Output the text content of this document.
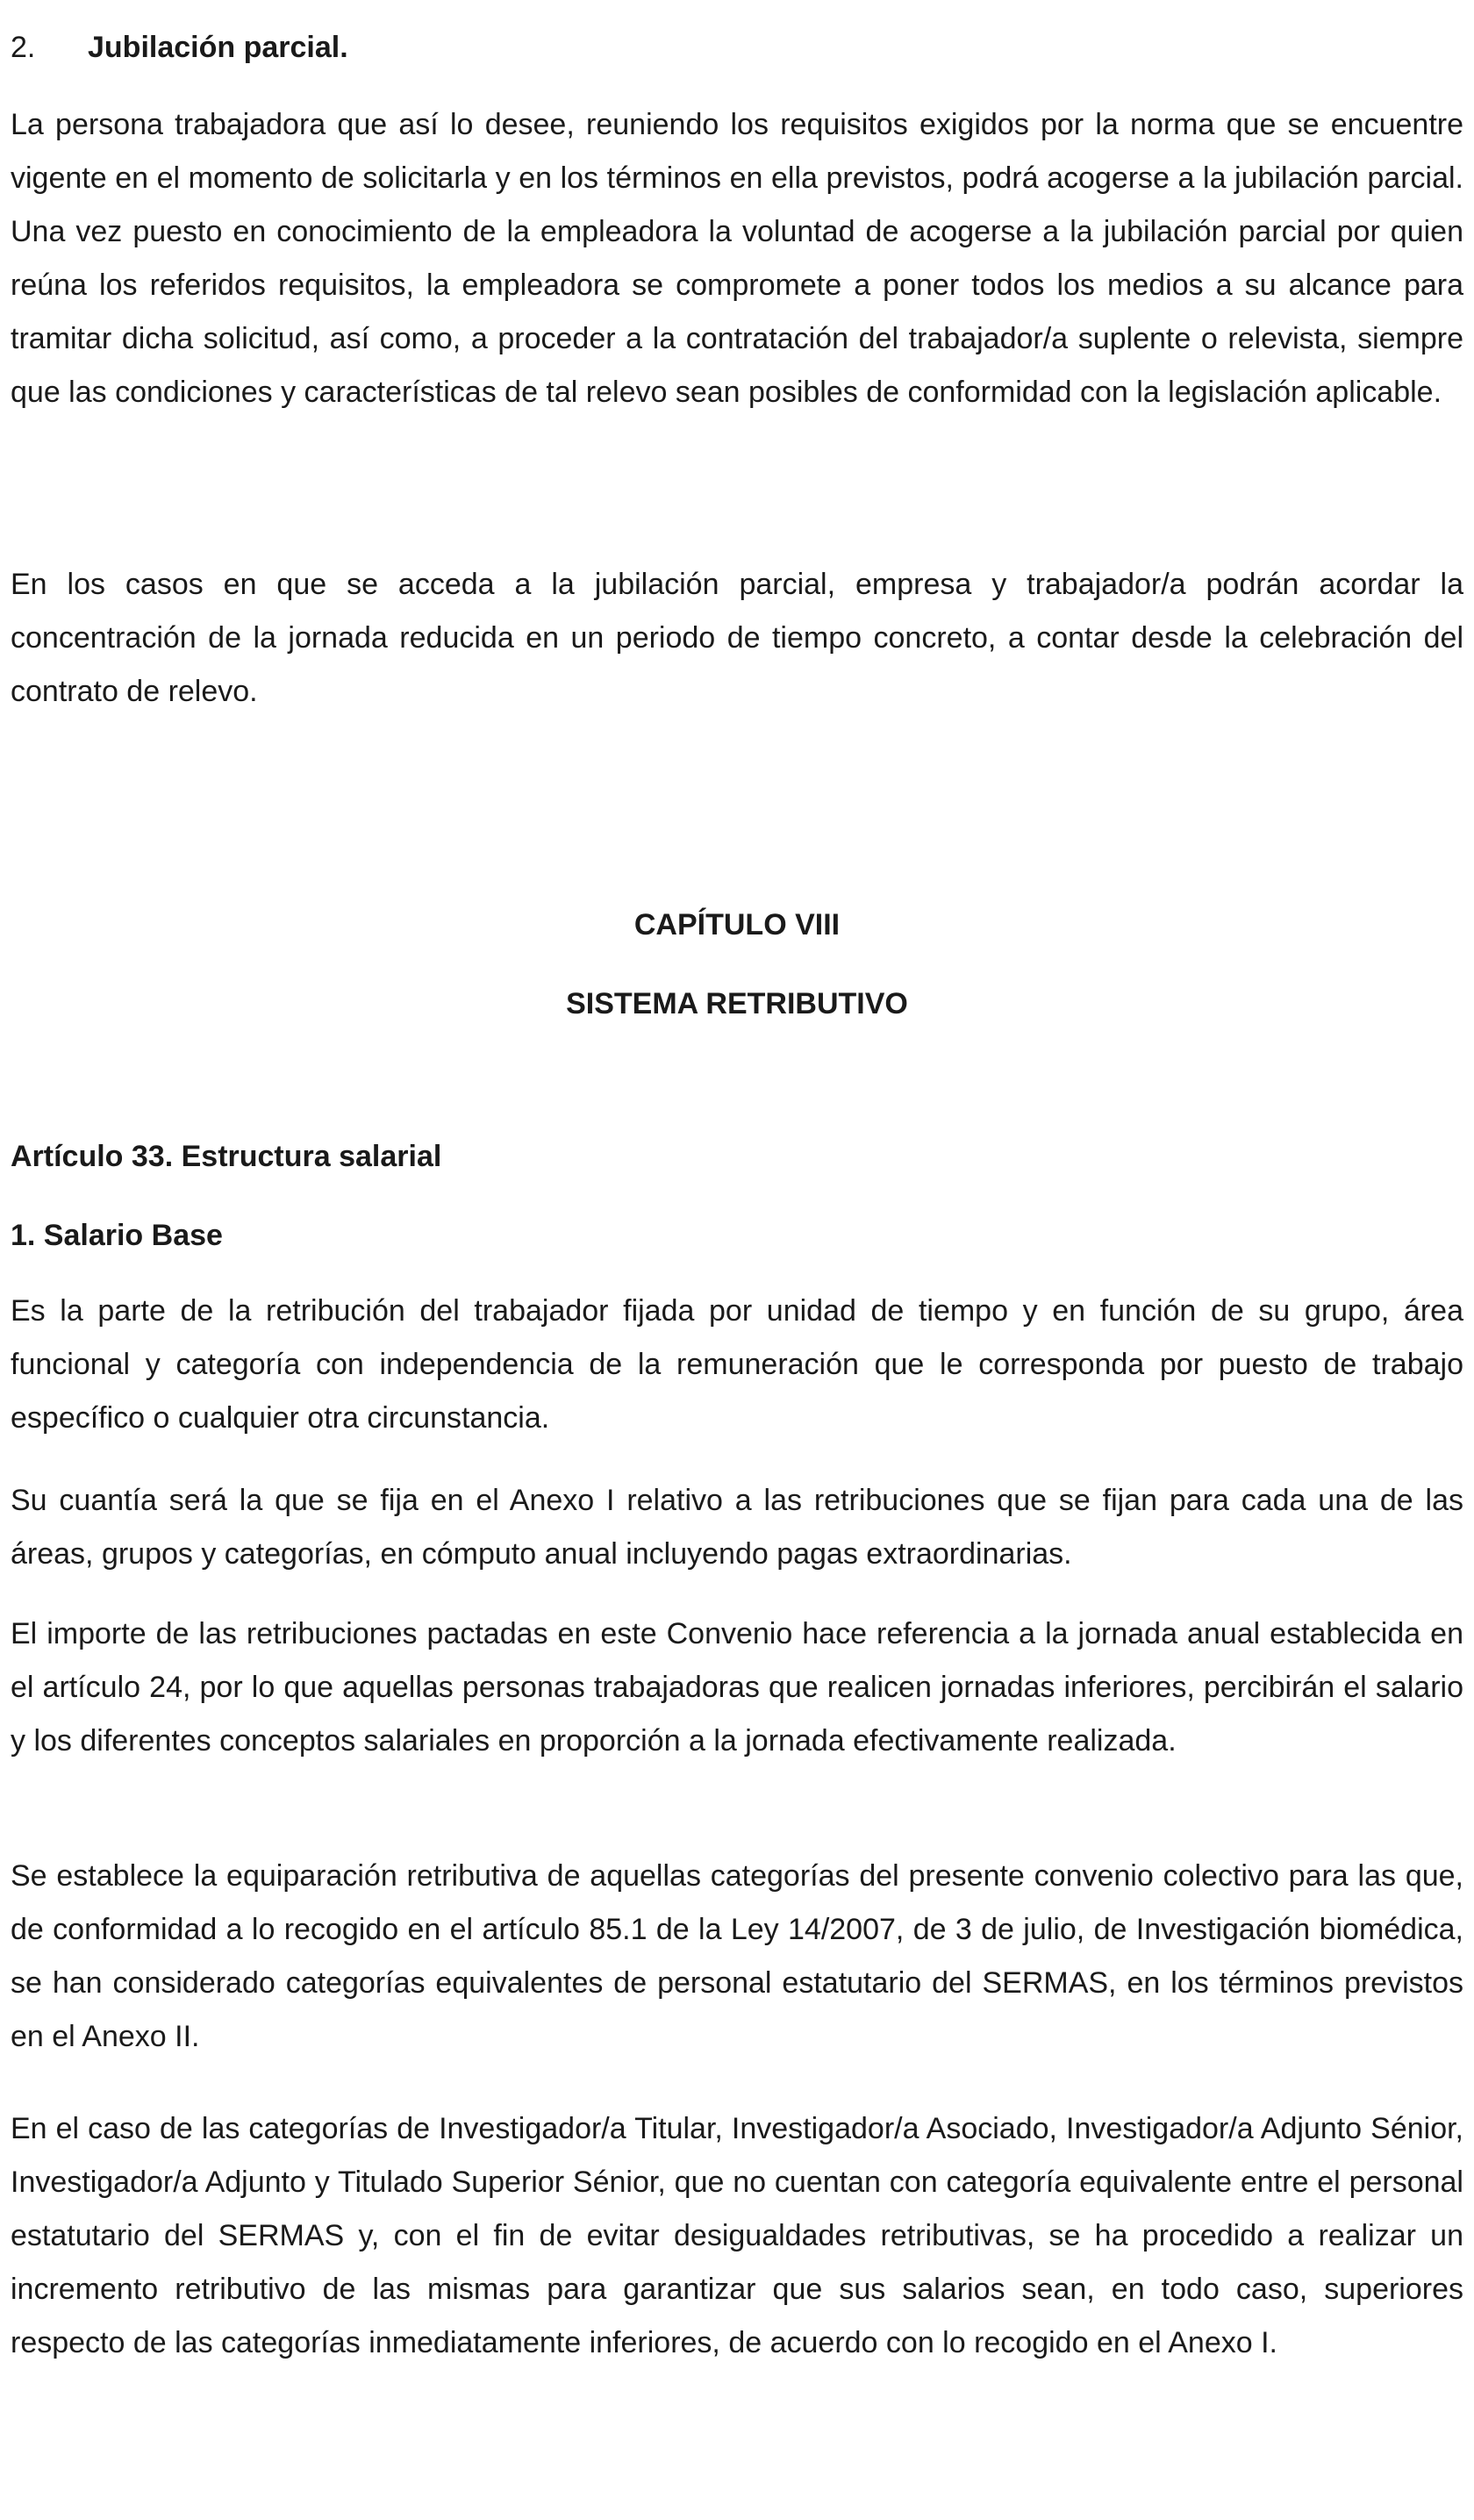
2.	Jubilación parcial.

La persona trabajadora que así lo desee, reuniendo los requisitos exigidos por la norma que se encuentre vigente en el momento de solicitarla y en los términos en ella previstos, podrá acogerse a la jubilación parcial. Una vez puesto en conocimiento de la empleadora la voluntad de acogerse a la jubilación parcial por quien reúna los referidos requisitos, la empleadora se compromete a poner todos los medios a su alcance para tramitar dicha solicitud, así como, a proceder a la contratación del trabajador/a suplente o relevista, siempre que las condiciones y características de tal relevo sean posibles de conformidad con la legislación aplicable.

En los casos en que se acceda a la jubilación parcial, empresa y trabajador/a podrán acordar la concentración de la jornada reducida en un periodo de tiempo concreto, a contar desde la celebración del contrato de relevo.

CAPÍTULO VIII
SISTEMA RETRIBUTIVO
Artículo 33. Estructura salarial
1. Salario Base

Es la parte de la retribución del trabajador fijada por unidad de tiempo y en función de su grupo, área funcional y categoría con independencia de la remuneración que le corresponda por puesto de trabajo específico o cualquier otra circunstancia.

Su cuantía será la que se fija en el Anexo I relativo a las retribuciones que se fijan para cada una de las áreas, grupos y categorías, en cómputo anual incluyendo pagas extraordinarias.

El importe de las retribuciones pactadas en este Convenio hace referencia a la jornada anual establecida en el artículo 24, por lo que aquellas personas trabajadoras que realicen jornadas inferiores, percibirán el salario y los diferentes conceptos salariales en proporción a la jornada efectivamente realizada.

Se establece la equiparación retributiva de aquellas categorías del presente convenio colectivo para las que, de conformidad a lo recogido en el artículo 85.1 de la Ley 14/2007, de 3 de julio, de Investigación biomédica, se han considerado categorías equivalentes de personal estatutario del SERMAS, en los términos previstos en el Anexo II.

En el caso de las categorías de Investigador/a Titular, Investigador/a Asociado, Investigador/a Adjunto Sénior, Investigador/a Adjunto y Titulado Superior Sénior, que no cuentan con categoría equivalente entre el personal estatutario del SERMAS y, con el fin de evitar desigualdades retributivas, se ha procedido a realizar un incremento retributivo de las mismas para garantizar que sus salarios sean, en todo caso, superiores respecto de las categorías inmediatamente inferiores, de acuerdo con lo recogido en el Anexo I.
